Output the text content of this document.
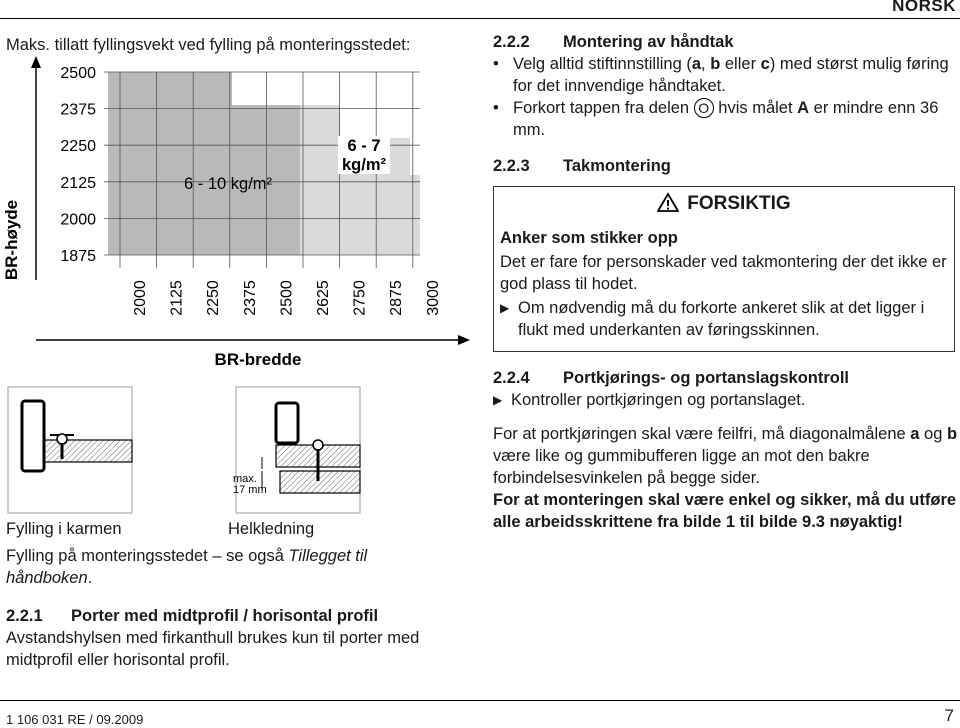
NORSK
Maks. tillatt fyllingsvekt ved fylling på monteringsstedet:
BR-høyde
2500
2375
2250
2125
2000
1875
2000 2125 2250 2375 2500 2625 2750 2875 3000
6 - 10 kg/m²
6 - 7
kg/m²
BR-bredde
max.
17 mm
Fylling i karmen	Helkledning
Fylling på monteringsstedet – se også Tillegget til håndboken.
2.2.1 Porter med midtprofil / horisontal profil
Avstandshylsen med firkanthull brukes kun til porter med midtprofil eller horisontal profil.
2.2.2 Montering av håndtak
• Velg alltid stiftinnstilling (a, b eller c) med størst mulig føring for det innvendige håndtaket.
• Forkort tappen fra delen O hvis målet A er mindre enn 36 mm.
2.2.3 Takmontering
FORSIKTIG
Anker som stikker opp
Det er fare for personskader ved takmontering der det ikke er god plass til hodet.
▶ Om nødvendig må du forkorte ankeret slik at det ligger i flukt med underkanten av føringsskinnen.
2.2.4 Portkjørings- og portanslagskontroll
▶ Kontroller portkjøringen og portanslaget.
For at portkjøringen skal være feilfri, må diagonalmålene a og b være like og gummibufferen ligge an mot den bakre forbindelsesvinkelen på begge sider.
For at monteringen skal være enkel og sikker, må du utføre alle arbeidsskrittene fra bilde 1 til bilde 9.3 nøyaktig!
1 106 031 RE / 09.2009	7
